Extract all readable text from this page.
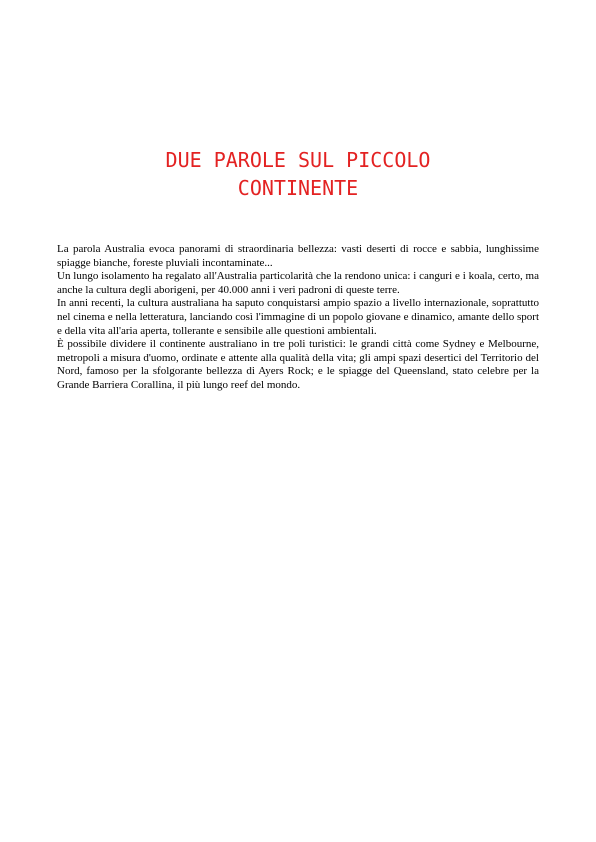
DUE PAROLE SUL PICCOLO
CONTINENTE

La parola Australia evoca panorami di straordinaria bellezza: vasti deserti di rocce e sabbia, lunghissime spiagge bianche, foreste pluviali incontaminate...

Un lungo isolamento ha regalato all'Australia particolarità che la rendono unica: i canguri e i koala, certo, ma anche la cultura degli aborigeni, per 40.000 anni i veri padroni di queste terre.

In anni recenti, la cultura australiana ha saputo conquistarsi ampio spazio a livello internazionale, soprattutto nel cinema e nella letteratura, lanciando così l'immagine di un popolo giovane e dinamico, amante dello sport e della vita all'aria aperta, tollerante e sensibile alle questioni ambientali.

È possibile dividere il continente australiano in tre poli turistici: le grandi città come Sydney e Melbourne, metropoli a misura d'uomo, ordinate e attente alla qualità della vita; gli ampi spazi desertici del Territorio del Nord, famoso per la sfolgorante bellezza di Ayers Rock; e le spiagge del Queensland, stato celebre per la Grande Barriera Corallina, il più lungo reef del mondo.
